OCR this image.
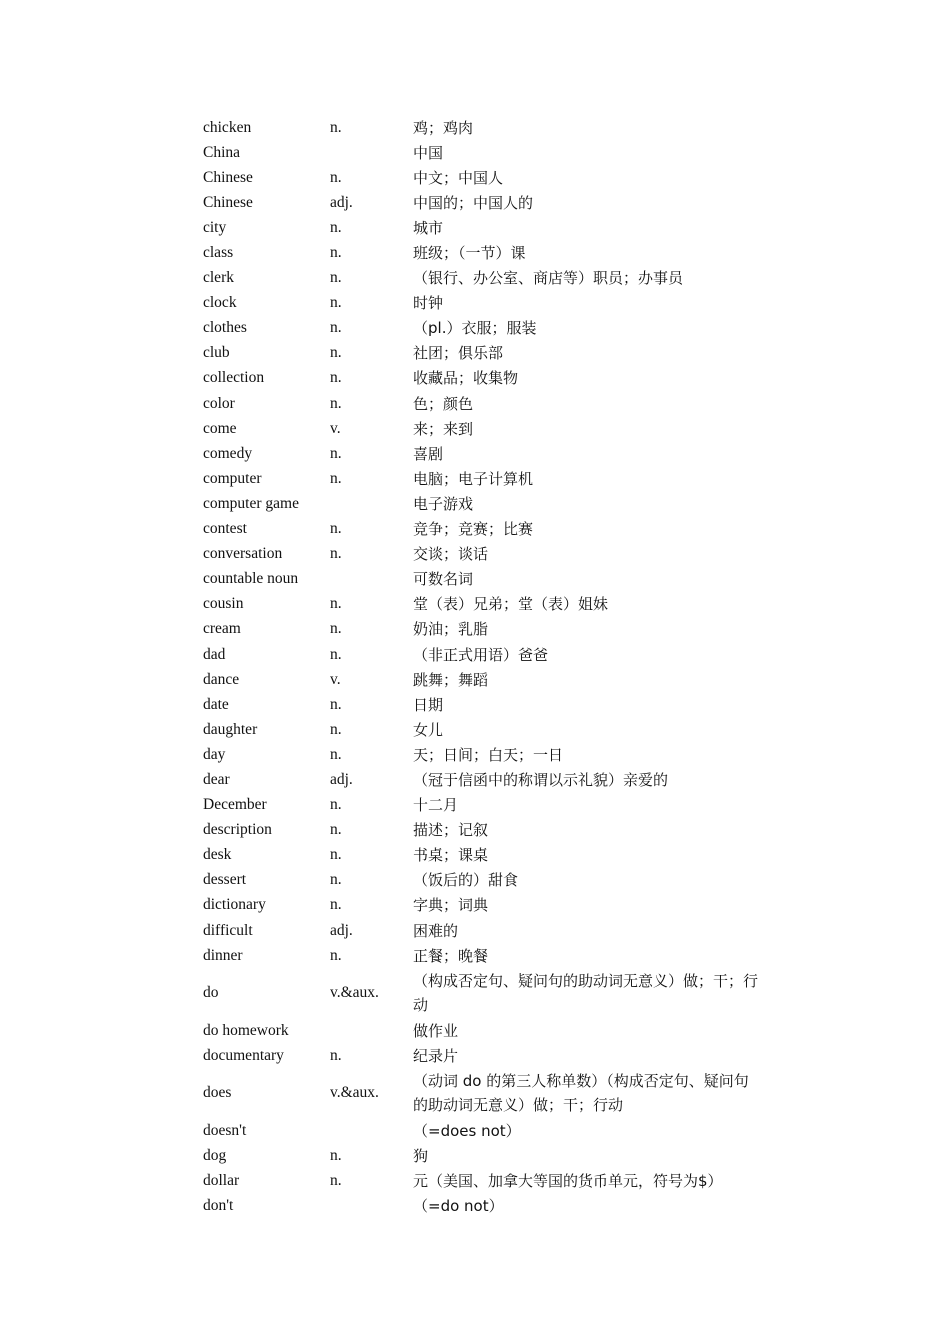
chicken	n.	鸡；鸡肉
China		中国
Chinese	n.	中文；中国人
Chinese	adj.	中国的；中国人的
city	n.	城市
class	n.	班级；（一节）课
clerk	n.	（银行、办公室、商店等）职员；办事员
clock	n.	时钟
clothes	n.	（pl.）衣服；服装
club	n.	社团；俱乐部
collection	n.	收藏品；收集物
color	n.	色；颜色
come	v.	来；来到
comedy	n.	喜剧
computer	n.	电脑；电子计算机
computer game		电子游戏
contest	n.	竞争；竞赛；比赛
conversation	n.	交谈；谈话
countable noun		可数名词
cousin	n.	堂（表）兄弟；堂（表）姐妹
cream	n.	奶油；乳脂
dad	n.	（非正式用语）爸爸
dance	v.	跳舞；舞蹈
date	n.	日期
daughter	n.	女儿
day	n.	天；日间；白天；一日
dear	adj.	（冠于信函中的称谓以示礼貌）亲爱的
December	n.	十二月
description	n.	描述；记叙
desk	n.	书桌；课桌
dessert	n.	（饭后的）甜食
dictionary	n.	字典；词典
difficult	adj.	困难的
dinner	n.	正餐；晚餐
do	v.&aux.	（构成否定句、疑问句的助动词无意义）做；干；行动
do homework		做作业
documentary	n.	纪录片
does	v.&aux.	（动词 do 的第三人称单数）（构成否定句、疑问句的助动词无意义）做；干；行动
doesn't		（=does not）
dog	n.	狗
dollar	n.	元（美国、加拿大等国的货币单元，符号为$）
don't		（=do not）
